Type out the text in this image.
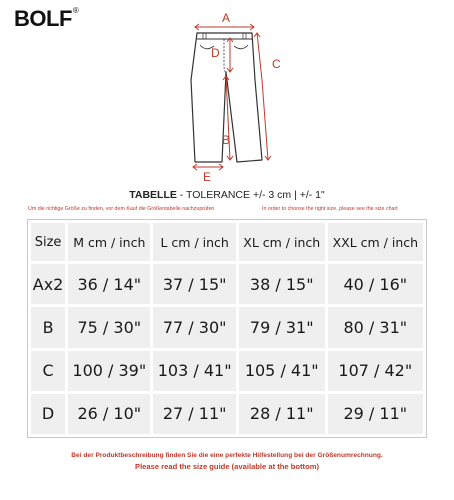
BOLF®
A
D
C
B
E
TABELLE - TOLERANCE +/- 3 cm | +/- 1"
Um die richtige Größe zu finden, vor dem Kauf die Größentabelle nachzuprüfen	In order to choose the right size, please see the size chart
Size	M cm / inch	L cm / inch	XL cm / inch	XXL cm / inch
Ax2	36 / 14"	37 / 15"	38 / 15"	40 / 16"
B	75 / 30"	77 / 30"	79 / 31"	80 / 31"
C	100 / 39"	103 / 41"	105 / 41"	107 / 42"
D	26 / 10"	27 / 11"	28 / 11"	29 / 11"
Bei der Produktbeschreibung finden Sie die eine perfekte Hilfestellung bei der Größenumrechnung.
Please read the size guide (available at the bottom)
